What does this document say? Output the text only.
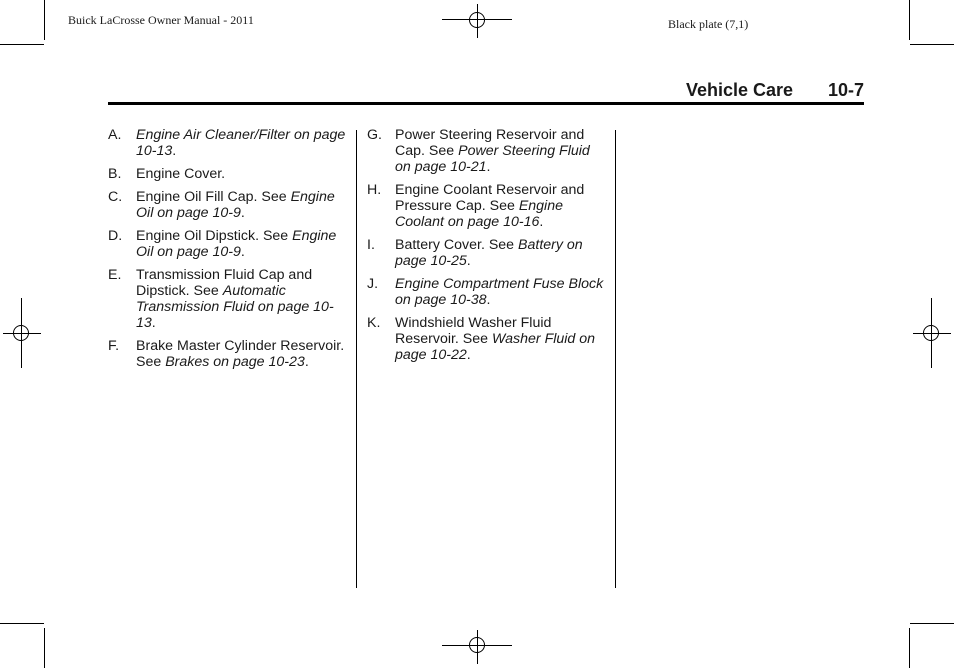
Buick LaCrosse Owner Manual - 2011	Black plate (7,1)
Vehicle Care 10-7
A. Engine Air Cleaner/Filter on page 10-13.
B. Engine Cover.
C. Engine Oil Fill Cap. See Engine Oil on page 10-9.
D. Engine Oil Dipstick. See Engine Oil on page 10-9.
E. Transmission Fluid Cap and Dipstick. See Automatic Transmission Fluid on page 10-13.
F. Brake Master Cylinder Reservoir. See Brakes on page 10-23.
G. Power Steering Reservoir and Cap. See Power Steering Fluid on page 10-21.
H. Engine Coolant Reservoir and Pressure Cap. See Engine Coolant on page 10-16.
I. Battery Cover. See Battery on page 10-25.
J. Engine Compartment Fuse Block on page 10-38.
K. Windshield Washer Fluid Reservoir. See Washer Fluid on page 10-22.
